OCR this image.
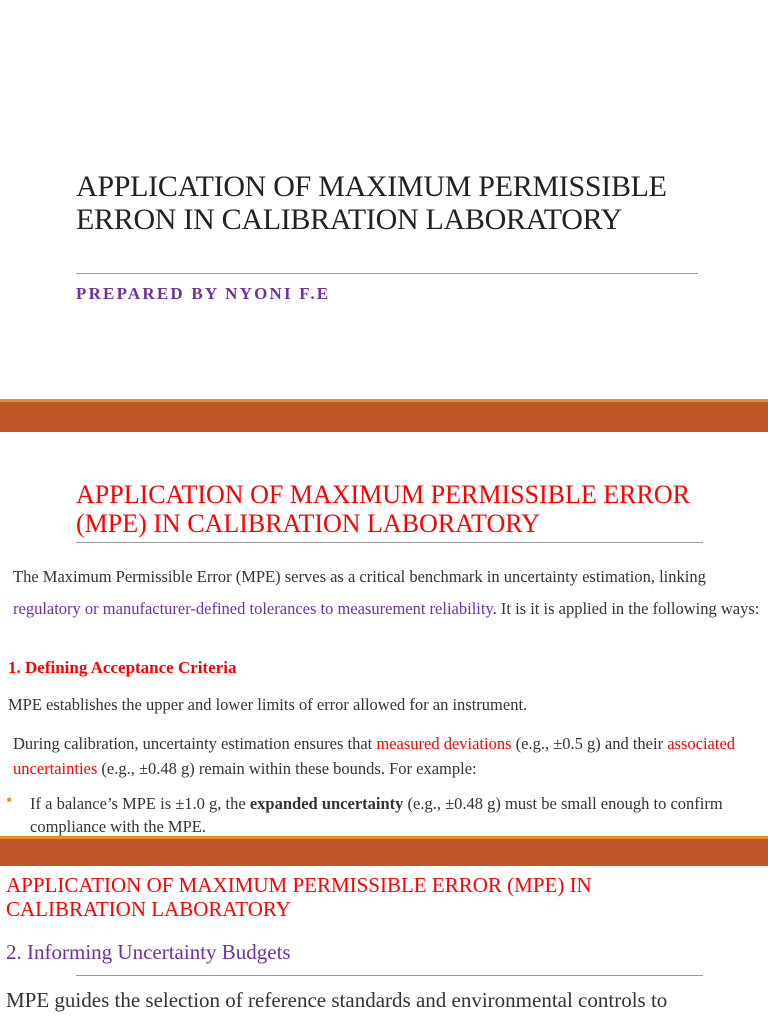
APPLICATION OF MAXIMUM PERMISSIBLE ERRON IN CALIBRATION LABORATORY
PREPARED BY NYONI F.E
APPLICATION OF MAXIMUM PERMISSIBLE ERROR (MPE) IN CALIBRATION LABORATORY
The Maximum Permissible Error (MPE) serves as a critical benchmark in uncertainty estimation, linking regulatory or manufacturer-defined tolerances to measurement reliability. It is it is applied in the following ways:
1. Defining Acceptance Criteria
MPE establishes the upper and lower limits of error allowed for an instrument.
During calibration, uncertainty estimation ensures that measured deviations (e.g., ±0.5 g) and their associated uncertainties (e.g., ±0.48 g) remain within these bounds. For example:
• If a balance’s MPE is ±1.0 g, the expanded uncertainty (e.g., ±0.48 g) must be small enough to confirm compliance with the MPE.
APPLICATION OF MAXIMUM PERMISSIBLE ERROR (MPE) IN CALIBRATION LABORATORY
2. Informing Uncertainty Budgets
MPE guides the selection of reference standards and environmental controls to
